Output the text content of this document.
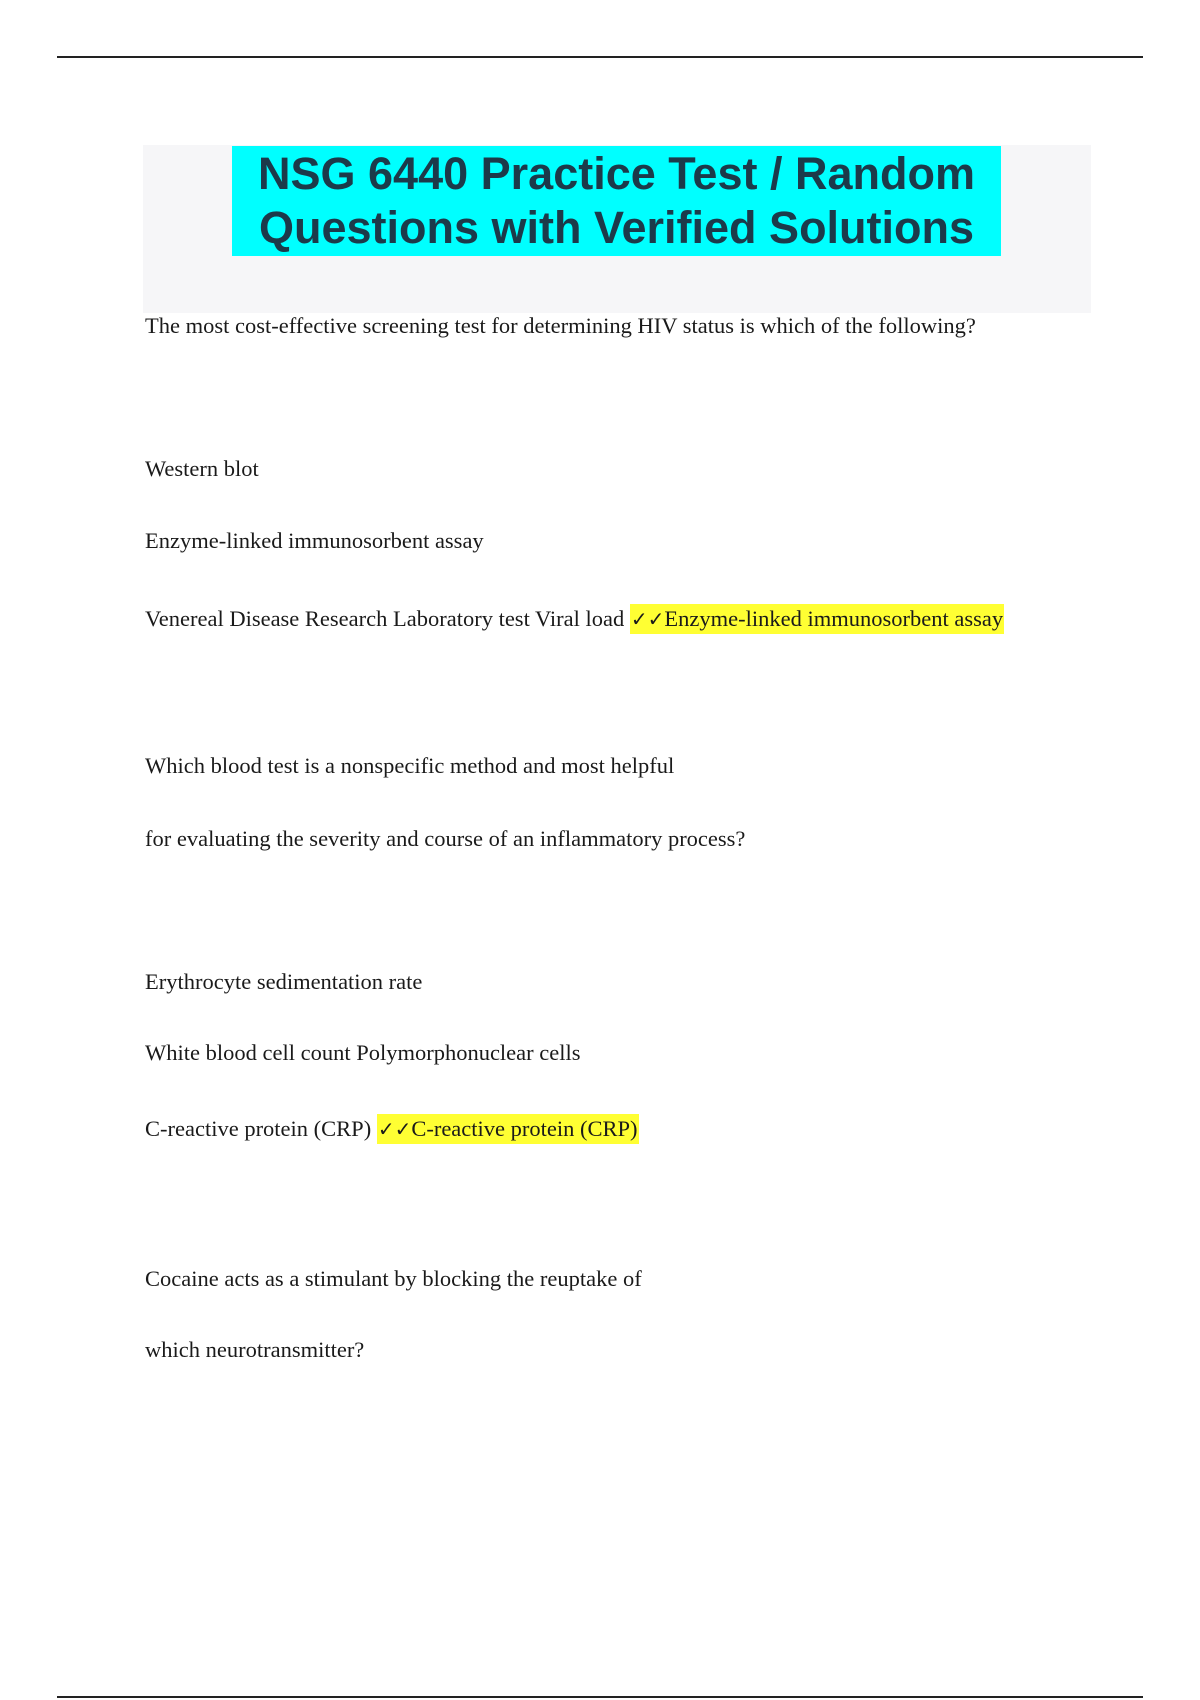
NSG 6440 Practice Test / Random
Questions with Verified Solutions
The most cost-effective screening test for determining HIV status is which of the following?
Western blot
Enzyme-linked immunosorbent assay
Venereal Disease Research Laboratory test Viral load ✓✓Enzyme-linked immunosorbent assay
Which blood test is a nonspecific method and most helpful
for evaluating the severity and course of an inflammatory process?
Erythrocyte sedimentation rate
White blood cell count Polymorphonuclear cells
C-reactive protein (CRP) ✓✓C-reactive protein (CRP)
Cocaine acts as a stimulant by blocking the reuptake of
which neurotransmitter?
